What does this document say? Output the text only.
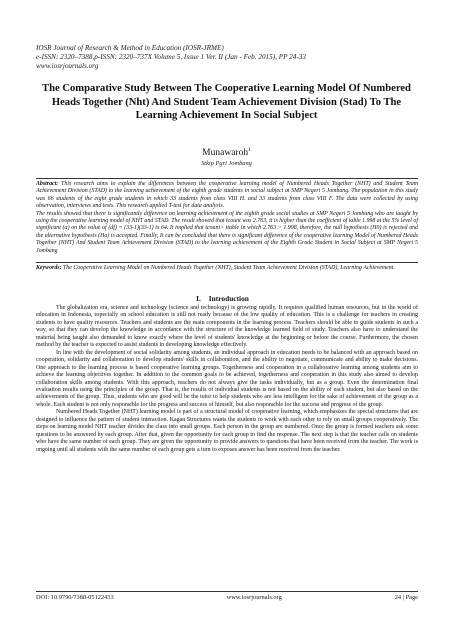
IOSR Journal of Research & Method in Education (IOSR-JRME)
e-ISSN: 2320–7388,p-ISSN: 2320–737X Volume 5, Issue 1 Ver. II (Jan - Feb. 2015), PP 24-33
www.iosrjournals.org
The Comparative Study Between The Cooperative Learning Model Of Numbered Heads Together (Nht) And Student Team Achievement Division (Stad) To The Learning Achievement In Social Subject
Munawaroh$^1$
Stkip Pgri Jombang
Abstract: This research aims to explain the differences between the cooperative learning model of Numbered Heads Together (NHT) and Student Team Achievement Division (STAD) to the learning achievement of the eighth grade students in social subject at SMP Negeri 5 Jombang. The population in this study was 66 students of the eight grade students in which 33 students from class VIII H. and 33 students from class VIII F. The data were collected by using observation, interviews and tests. This research applied T-test for data analysis.
The results showed that there is significantly difference on learning achievement of the eighth grade social studies at SMP Negeri 5 Jombang who are taught by using the cooperative learning model of NHT and STAD. The result showed that tcount was 2.763, it is higher than the coefficient of table 1.998 at the 5% level of significant (α) on the value of (df) = (33-1)(33-1) is 64. It implied that tcount> ttable in which 2.763 > 1.998, therefore, the null hypothesis (H0) is rejected and the alternative hypothesis (Ha) is accepted. Finally, It can be concluded that there is significant difference of the cooperative learning Model of Numbered Heads Together (NHT) And Student Team Achievement Division (STAD) to the learning achievement of the Eighth Grade Student in Social Subject at SMP Negeri 5 Jombang
Keywords: The Cooperative Learning Model on Numbered Heads Together (NHT), Student Team Achievement Division (STAD), Learning Achievement.
I. Introduction

The globalization era, science and technology (science and technology) is growing rapidly. It requires qualified human resources, but in the world of education in Indonesia, especially on school education is still not ready because of the low quality of education. This is a challenge for teachers in creating students to have quality resources. Teachers and students are the main components in the learning process. Teachers should be able to guide students in such a way, so that they can develop the knowledge in accordance with the structure of the knowledge learned field of study. Teachers also have to understand the material being taught also demanded to know exactly where the level of students' knowledge at the beginning or before the course. Furthermore, the chosen method by the teacher is expected to assist students in developing knowledge effectively.

In line with the development of social solidarity among students, an individual approach in education needs to be balanced with an approach based on cooperation, solidarity and collaboration to develop students' skills in collaboration, and the ability to negotiate, communicate and ability to make decisions. One approach to the learning process is based cooperative learning groups. Togetherness and cooperation in a collaborative learning among students aim to achieve the learning objectives together. In addition to the common goals to be achieved, togetherness and cooperation in this study also aimed to develop collaboration skills among students. With this approach, teachers do not always give the tasks individually, but as a group. Even the determination final evaluation results using the principles of the group. That is, the results of individual students is not based on the ability of each student, but also based on the achievements of the group. Thus, students who are good will be the tutor to help students who are less intelligent for the sake of achievement of the group as a whole. Each student is not only responsible for the progress and success of himself, but also responsible for the success and progress of the group.

Numbered Heads Together (NHT) learning model is part of a structural model of cooperative learning, which emphasizes the special structures that are designed to influence the pattern of student interaction. Kagan Structures wants the students to work with each other to rely on small groups cooperatively. The steps on learning model NHT teacher divides the class into small groups. Each person in the group are numbered. Once the group is formed teachers ask some questions to be answered by each group. After that, given the opportunity for each group to find the response. The next step is that the teacher calls on students who have the same number of each group. They are given the opportunity to provide answers to questions that have been received from the teacher. The work is ongoing until all students with the same number of each group gets a turn to exposes answer has been received from the teacher.

DOI: 10.9790/7388-05122433	www.iosrjournals.org	24 | Page
